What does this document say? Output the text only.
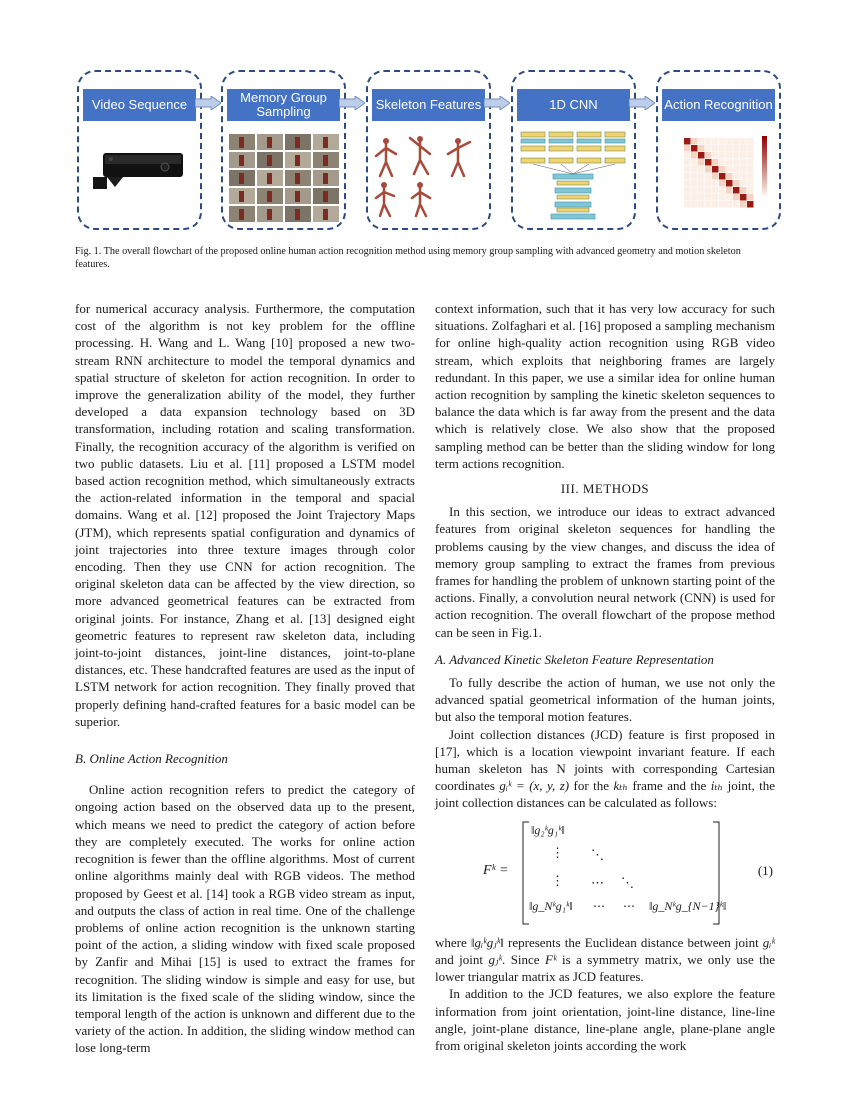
Video Sequence	Memory Group Sampling	Skeleton Features	1D CNN	Action Recognition
Fig. 1. The overall flowchart of the proposed online human action recognition method using memory group sampling with advanced geometry and motion skeleton features.

for numerical accuracy analysis. Furthermore, the computation cost of the algorithm is not key problem for the offline processing. H. Wang and L. Wang [10] proposed a new two-stream RNN architecture to model the temporal dynamics and spatial structure of skeleton for action recognition. In order to improve the generalization ability of the model, they further developed a data expansion technology based on 3D transformation, including rotation and scaling transformation. Finally, the recognition accuracy of the algorithm is verified on two public datasets. Liu et al. [11] proposed a LSTM model based action recognition method, which simultaneously extracts the action-related information in the temporal and spacial domains. Wang et al. [12] proposed the Joint Trajectory Maps (JTM), which represents spatial configuration and dynamics of joint trajectories into three texture images through color encoding. Then they use CNN for action recognition. The original skeleton data can be affected by the view direction, so more advanced geometrical features can be extracted from original joints. For instance, Zhang et al. [13] designed eight geometric features to represent raw skeleton data, including joint-to-joint distances, joint-line distances, joint-to-plane distances, etc. These handcrafted features are used as the input of LSTM network for action recognition. They finally proved that properly defining hand-crafted features for a basic model can be superior.

B. Online Action Recognition

Online action recognition refers to predict the category of ongoing action based on the observed data up to the present, which means we need to predict the category of action before they are completely executed. The works for online action recognition is fewer than the offline algorithms. Most of current online algorithms mainly deal with RGB videos. The method proposed by Geest et al. [14] took a RGB video stream as input, and outputs the class of action in real time. One of the challenge problems of online action recognition is the unknown starting point of the action, a sliding window with fixed scale proposed by Zanfir and Mihai [15] is used to extract the frames for recognition. The sliding window is simple and easy for use, but its limitation is the fixed scale of the sliding window, since the temporal length of the action is unknown and different due to the variety of the action. In addition, the sliding window method can lose long-term

context information, such that it has very low accuracy for such situations. Zolfaghari et al. [16] proposed a sampling mechanism for online high-quality action recognition using RGB video stream, which exploits that neighboring frames are largely redundant. In this paper, we use a similar idea for online human action recognition by sampling the kinetic skeleton sequences to balance the data which is far away from the present and the data which is relatively close. We also show that the proposed sampling method can be better than the sliding window for long term actions recognition.

III. METHODS

In this section, we introduce our ideas to extract advanced features from original skeleton sequences for handling the problems causing by the view changes, and discuss the idea of memory group sampling to extract the frames from previous frames for handling the problem of unknown starting point of the actions. Finally, a convolution neural network (CNN) is used for action recognition. The overall flowchart of the propose method can be seen in Fig.1.

A. Advanced Kinetic Skeleton Feature Representation

To fully describe the action of human, we use not only the advanced spatial geometrical information of the human joints, but also the temporal motion features.

Joint collection distances (JCD) feature is first proposed in [17], which is a location viewpoint invariant feature. If each human skeleton has N joints with corresponding Cartesian coordinates gᵢᵏ = (x, y, z) for the kₜₕ frame and the iₜₕ joint, the joint collection distances can be calculated as follows:

Fᵏ =
‖g₂ᵏg₁ᵏ‖
⋮ ⋱
⋮ ⋯ ⋱
‖g_Nᵏg₁ᵏ‖ ⋯ ⋯ ‖g_Nᵏg_{N−1}ᵏ‖
(1)

where ‖gᵢᵏgⱼᵏ‖ represents the Euclidean distance between joint gᵢᵏ and joint gⱼᵏ. Since Fᵏ is a symmetry matrix, we only use the lower triangular matrix as JCD features.

In addition to the JCD features, we also explore the feature information from joint orientation, joint-line distance, line-line angle, joint-plane distance, line-plane angle, plane-plane angle from original skeleton joints according the work
